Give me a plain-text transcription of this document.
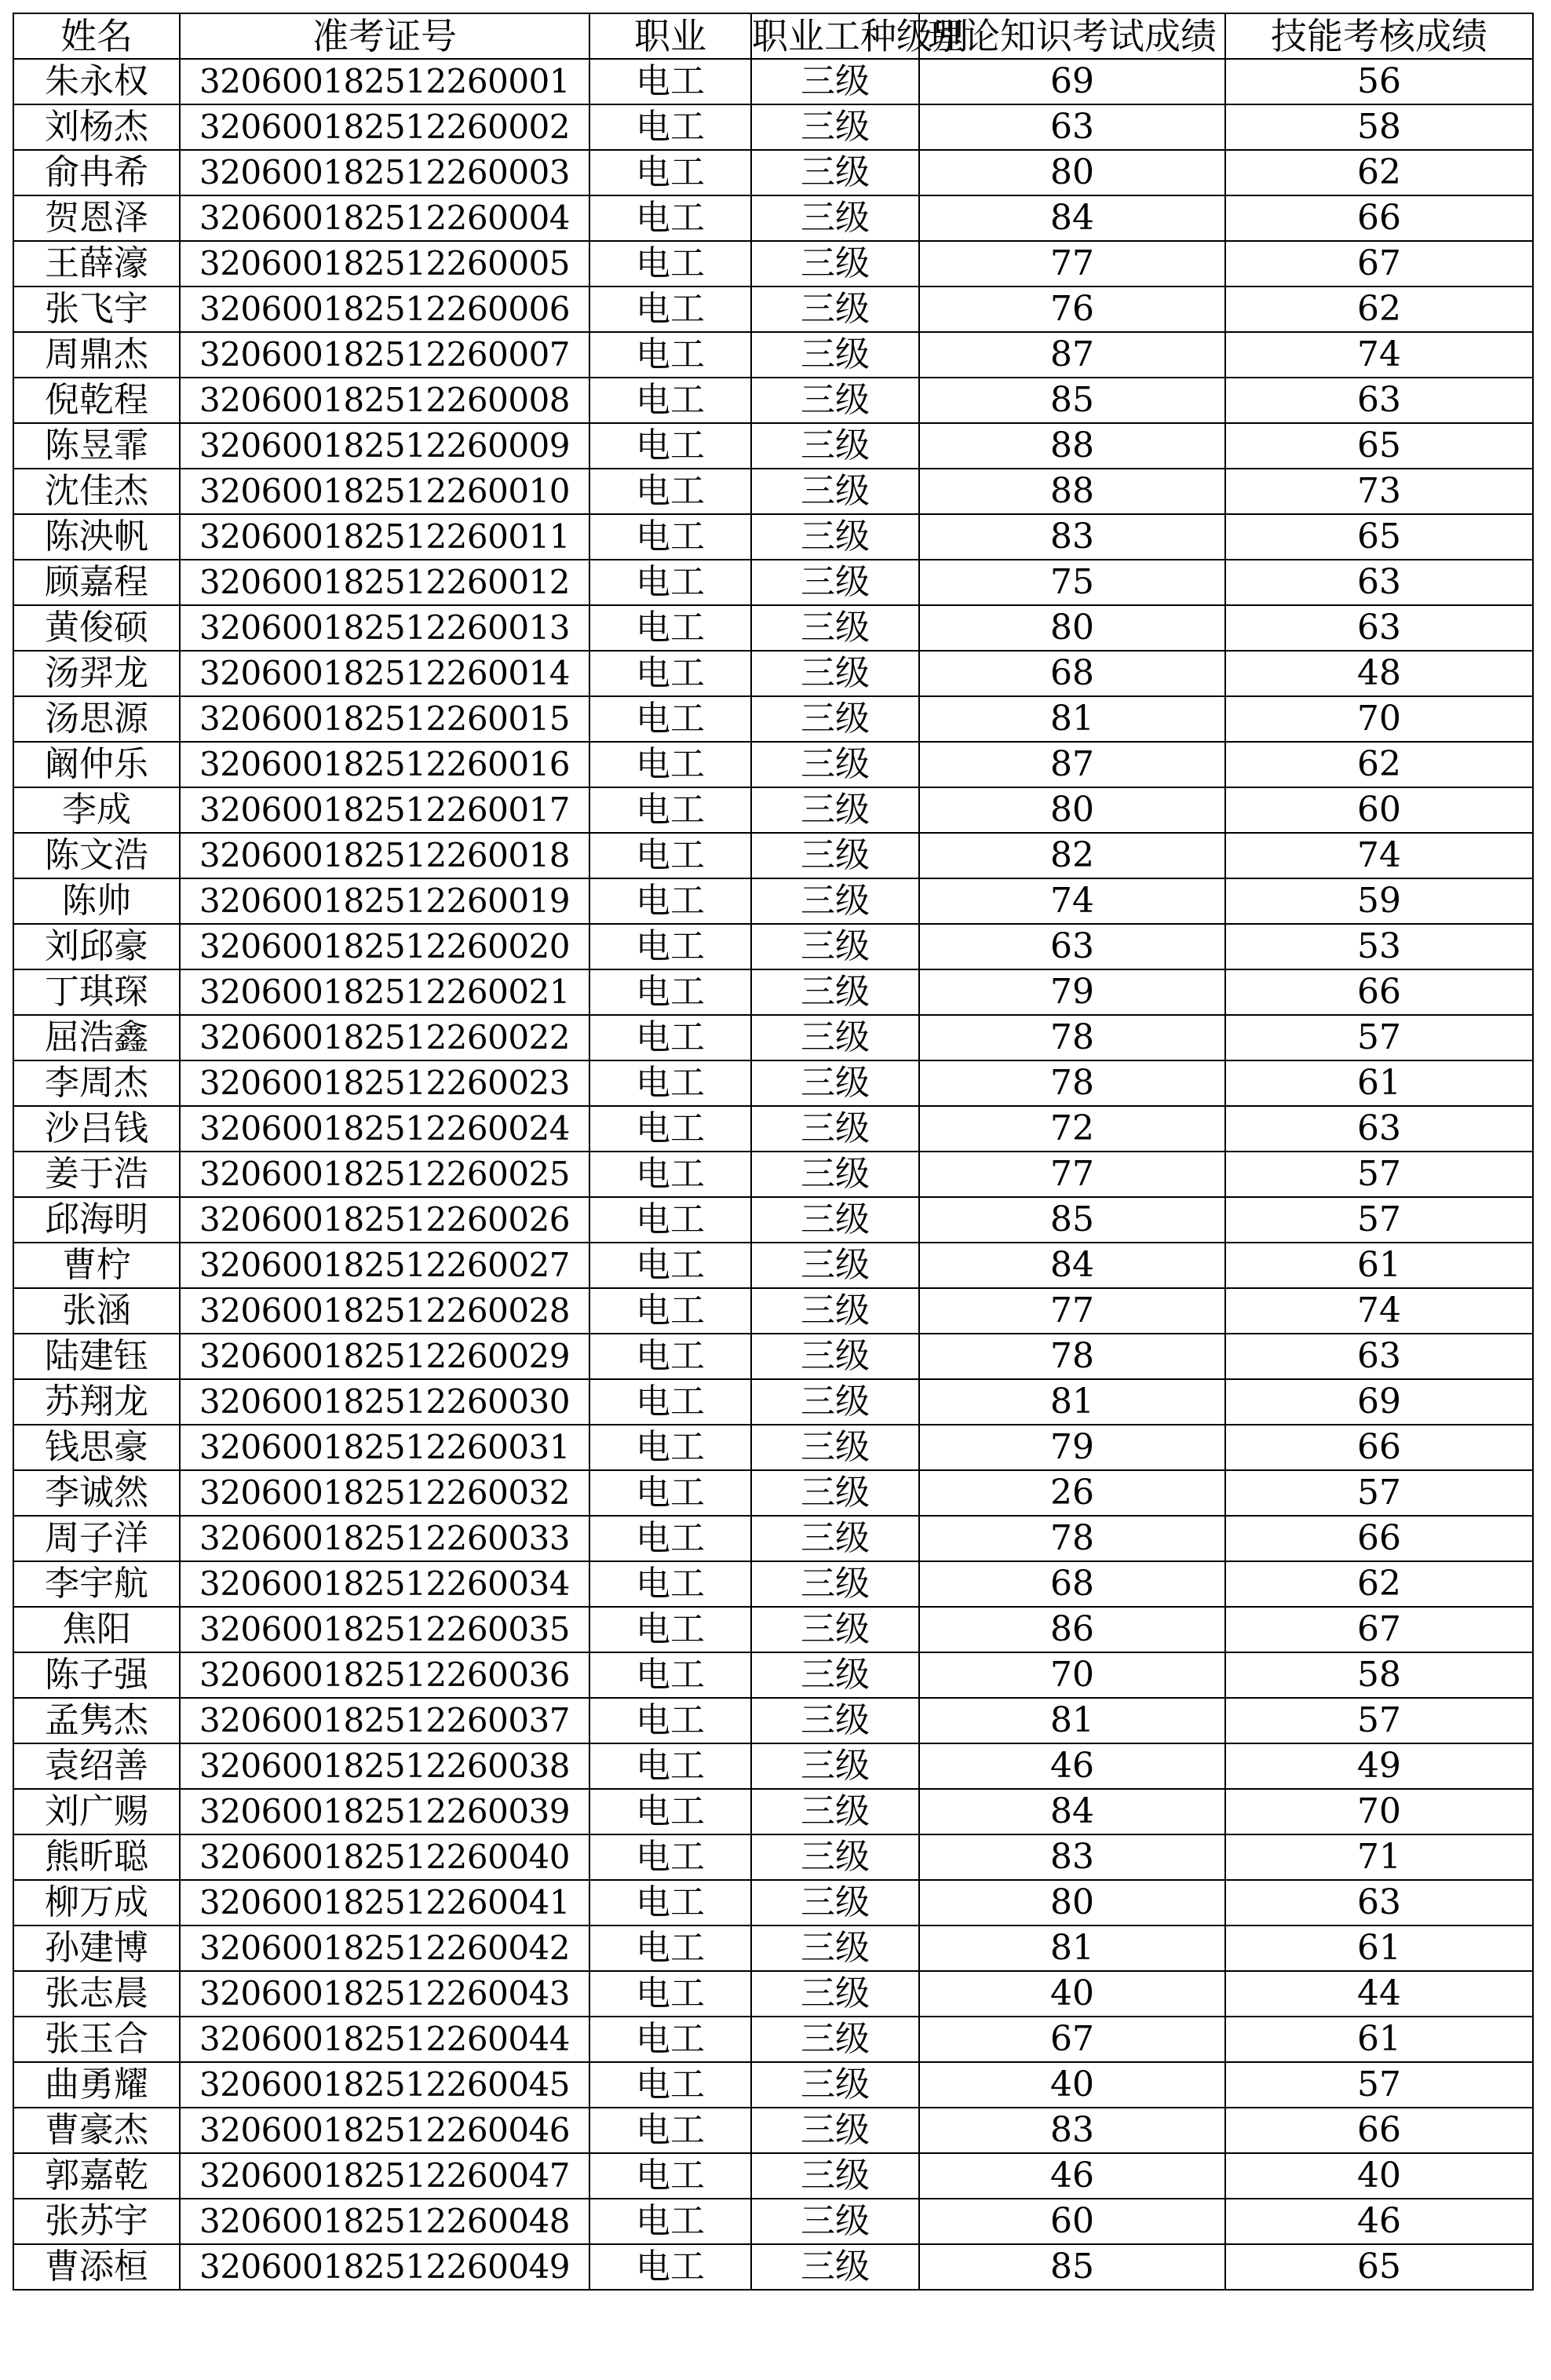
姓名	准考证号	职业	职业工种级别	理论知识考试成绩	技能考核成绩
朱永权	320600182512260001	电工	三级	69	56
刘杨杰	320600182512260002	电工	三级	63	58
俞冉希	320600182512260003	电工	三级	80	62
贺恩泽	320600182512260004	电工	三级	84	66
王薛濠	320600182512260005	电工	三级	77	67
张飞宇	320600182512260006	电工	三级	76	62
周鼎杰	320600182512260007	电工	三级	87	74
倪乾程	320600182512260008	电工	三级	85	63
陈昱霏	320600182512260009	电工	三级	88	65
沈佳杰	320600182512260010	电工	三级	88	73
陈泱帆	320600182512260011	电工	三级	83	65
顾嘉程	320600182512260012	电工	三级	75	63
黄俊硕	320600182512260013	电工	三级	80	63
汤羿龙	320600182512260014	电工	三级	68	48
汤思源	320600182512260015	电工	三级	81	70
阚仲乐	320600182512260016	电工	三级	87	62
李成	320600182512260017	电工	三级	80	60
陈文浩	320600182512260018	电工	三级	82	74
陈帅	320600182512260019	电工	三级	74	59
刘邱豪	320600182512260020	电工	三级	63	53
丁琪琛	320600182512260021	电工	三级	79	66
屈浩鑫	320600182512260022	电工	三级	78	57
李周杰	320600182512260023	电工	三级	78	61
沙吕钱	320600182512260024	电工	三级	72	63
姜于浩	320600182512260025	电工	三级	77	57
邱海明	320600182512260026	电工	三级	85	57
曹柠	320600182512260027	电工	三级	84	61
张涵	320600182512260028	电工	三级	77	74
陆建钰	320600182512260029	电工	三级	78	63
苏翔龙	320600182512260030	电工	三级	81	69
钱思豪	320600182512260031	电工	三级	79	66
李诚然	320600182512260032	电工	三级	26	57
周子洋	320600182512260033	电工	三级	78	66
李宇航	320600182512260034	电工	三级	68	62
焦阳	320600182512260035	电工	三级	86	67
陈子强	320600182512260036	电工	三级	70	58
孟隽杰	320600182512260037	电工	三级	81	57
袁绍善	320600182512260038	电工	三级	46	49
刘广赐	320600182512260039	电工	三级	84	70
熊昕聪	320600182512260040	电工	三级	83	71
柳万成	320600182512260041	电工	三级	80	63
孙建博	320600182512260042	电工	三级	81	61
张志晨	320600182512260043	电工	三级	40	44
张玉合	320600182512260044	电工	三级	67	61
曲勇耀	320600182512260045	电工	三级	40	57
曹豪杰	320600182512260046	电工	三级	83	66
郭嘉乾	320600182512260047	电工	三级	46	40
张苏宇	320600182512260048	电工	三级	60	46
曹添桓	320600182512260049	电工	三级	85	65
